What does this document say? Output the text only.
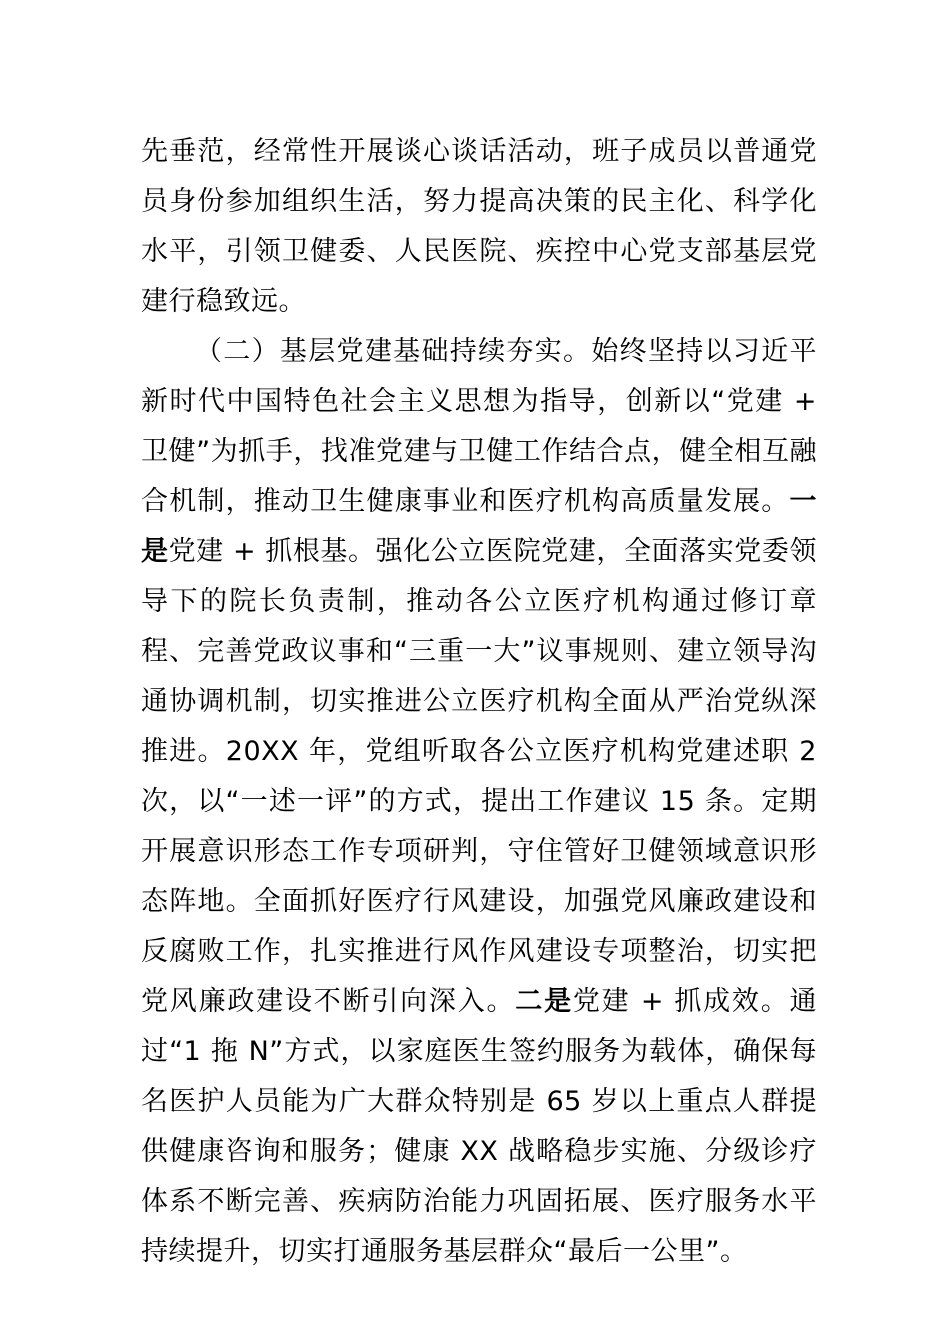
先垂范，经常性开展谈心谈话活动，班子成员以普通党员身份参加组织生活，努力提高决策的民主化、科学化水平，引领卫健委、人民医院、疾控中心党支部基层党建行稳致远。

（二）基层党建基础持续夯实。始终坚持以习近平新时代中国特色社会主义思想为指导，创新以“党建 + 卫健”为抓手，找准党建与卫健工作结合点，健全相互融合机制，推动卫生健康事业和医疗机构高质量发展。一是党建 + 抓根基。强化公立医院党建，全面落实党委领导下的院长负责制，推动各公立医疗机构通过修订章程、完善党政议事和“三重一大”议事规则、建立领导沟通协调机制，切实推进公立医疗机构全面从严治党纵深推进。20XX 年，党组听取各公立医疗机构党建述职 2 次，以“一述一评”的方式，提出工作建议 15 条。定期开展意识形态工作专项研判，守住管好卫健领域意识形态阵地。全面抓好医疗行风建设，加强党风廉政建设和反腐败工作，扎实推进行风作风建设专项整治，切实把党风廉政建设不断引向深入。二是党建 + 抓成效。通过“1 拖 N”方式，以家庭医生签约服务为载体，确保每名医护人员能为广大群众特别是 65 岁以上重点人群提供健康咨询和服务；健康 XX 战略稳步实施、分级诊疗体系不断完善、疾病防治能力巩固拓展、医疗服务水平持续提升，切实打通服务基层群众“最后一公里”。
